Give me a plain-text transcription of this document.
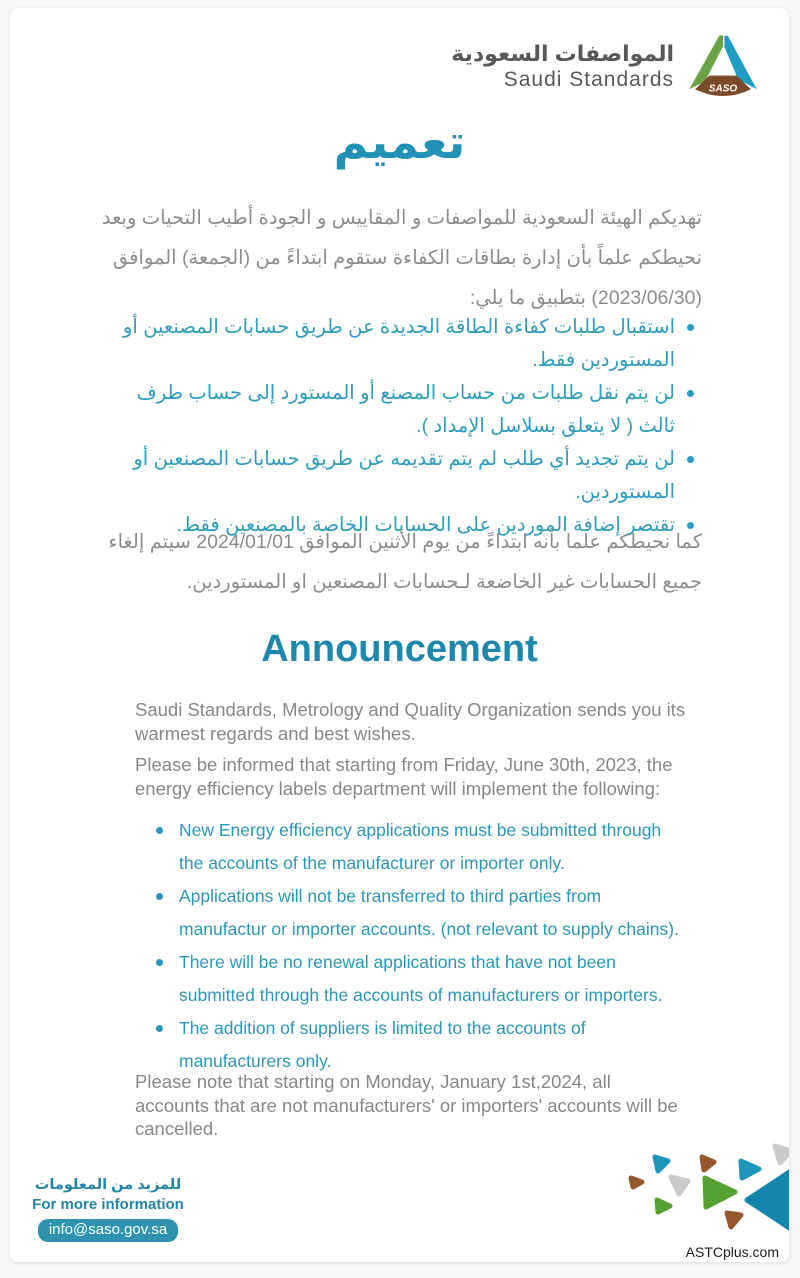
المواصفات السعودية
Saudi Standards SASO
تعميم
تهديكم الهيئة السعودية للمواصفات و المقاييس و الجودة أطيب التحيات وبعد نحيطكم علماً بأن إدارة بطاقات الكفاءة ستقوم ابتداءً من (الجمعة) الموافق (2023/06/30) بتطبيق ما يلي:
استقبال طلبات كفاءة الطاقة الجديدة عن طريق حسابات المصنعين أو المستوردين فقط.
لن يتم نقل طلبات من حساب المصنع أو المستورد إلى حساب طرف ثالث ( لا يتعلق بسلاسل الإمداد ).
لن يتم تجديد أي طلب لم يتم تقديمه عن طريق حسابات المصنعين أو المستوردين.
تقتصر إضافة الموردين على الحسابات الخاصة بالمصنعين فقط.
كما نحيطكم علما بأنه ابتداءً من يوم الأثنين الموافق 2024/01/01 سيتم إلغاء جميع الحسابات غير الخاضعة لـحسابات المصنعين او المستوردين.
Announcement
Saudi Standards, Metrology and Quality Organization sends you its warmest regards and best wishes.
Please be informed that starting from Friday, June 30th, 2023, the energy efficiency labels department will implement the following:
New Energy efficiency applications must be submitted through the accounts of the manufacturer or importer only.
Applications will not be transferred to third parties from manufactur or importer accounts. (not relevant to supply chains).
There will be no renewal applications that have not been submitted through the accounts of manufacturers or importers.
The addition of suppliers is limited to the accounts of manufacturers only.
Please note that starting on Monday, January 1st,2024, all accounts that are not manufacturers' or importers' accounts will be cancelled.
للمزيد من المعلومات
For more information
info@saso.gov.sa
ASTCplus.com
